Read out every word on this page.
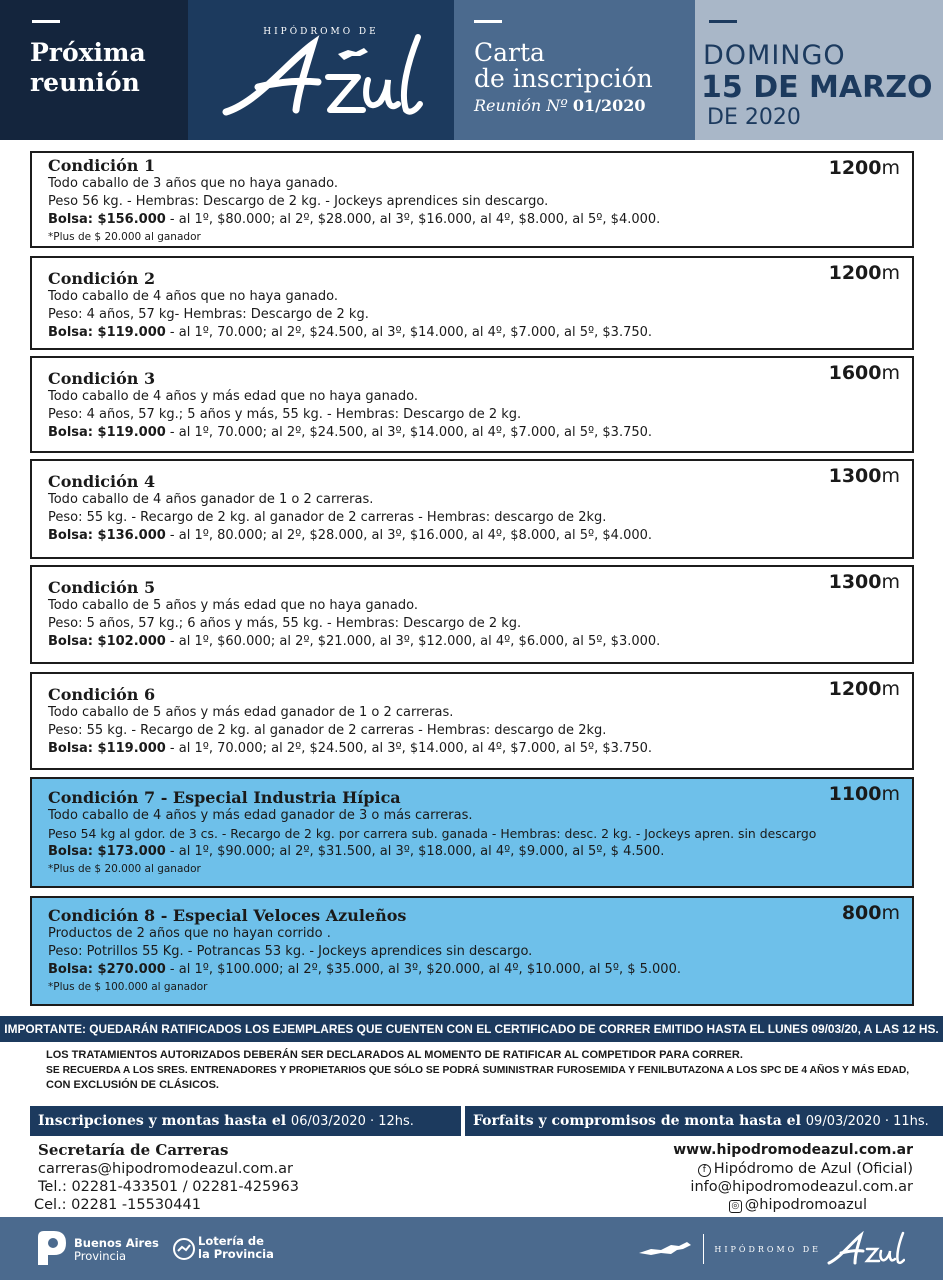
Próxima reunión
HIPÓDROMO DE
Carta
de inscripción
Reunión Nº 01/2020
DOMINGO
15 DE MARZO
DE 2020
Condición 1	1200m
Todo caballo de 3 años que no haya ganado.
Peso 56 kg. - Hembras: Descargo de 2 kg. - Jockeys aprendices sin descargo.
Bolsa: $156.000 - al 1º, $80.000; al 2º, $28.000, al 3º, $16.000, al 4º, $8.000, al 5º, $4.000.
*Plus de $ 20.000 al ganador
Condición 2	1200m
Todo caballo de 4 años que no haya ganado.
Peso: 4 años, 57 kg- Hembras: Descargo de 2 kg.
Bolsa: $119.000 - al 1º, 70.000; al 2º, $24.500, al 3º, $14.000, al 4º, $7.000, al 5º, $3.750.
Condición 3	1600m
Todo caballo de 4 años y más edad que no haya ganado.
Peso: 4 años, 57 kg.; 5 años y más, 55 kg. - Hembras: Descargo de 2 kg.
Bolsa: $119.000 - al 1º, 70.000; al 2º, $24.500, al 3º, $14.000, al 4º, $7.000, al 5º, $3.750.
Condición 4	1300m
Todo caballo de 4 años ganador de 1 o 2 carreras.
Peso: 55 kg. - Recargo de 2 kg. al ganador de 2 carreras - Hembras: descargo de 2kg.
Bolsa: $136.000 - al 1º, 80.000; al 2º, $28.000, al 3º, $16.000, al 4º, $8.000, al 5º, $4.000.
Condición 5	1300m
Todo caballo de 5 años y más edad que no haya ganado.
Peso: 5 años, 57 kg.; 6 años y más, 55 kg. - Hembras: Descargo de 2 kg.
Bolsa: $102.000 - al 1º, $60.000; al 2º, $21.000, al 3º, $12.000, al 4º, $6.000, al 5º, $3.000.
Condición 6	1200m
Todo caballo de 5 años y más edad ganador de 1 o 2 carreras.
Peso: 55 kg. - Recargo de 2 kg. al ganador de 2 carreras - Hembras: descargo de 2kg.
Bolsa: $119.000 - al 1º, 70.000; al 2º, $24.500, al 3º, $14.000, al 4º, $7.000, al 5º, $3.750.
Condición 7 - Especial Industria Hípica	1100m
Todo caballo de 4 años y más edad ganador de 3 o más carreras.
Peso 54 kg al gdor. de 3 cs. - Recargo de 2 kg. por carrera sub. ganada - Hembras: desc. 2 kg. - Jockeys apren. sin descargo
Bolsa: $173.000 - al 1º, $90.000; al 2º, $31.500, al 3º, $18.000, al 4º, $9.000, al 5º, $ 4.500.
*Plus de $ 20.000 al ganador
Condición 8 - Especial Veloces Azuleños	800m
Productos de 2 años que no hayan corrido .
Peso: Potrillos 55 Kg. - Potrancas 53 kg. - Jockeys aprendices sin descargo.
Bolsa: $270.000 - al 1º, $100.000; al 2º, $35.000, al 3º, $20.000, al 4º, $10.000, al 5º, $ 5.000.
*Plus de $ 100.000 al ganador
IMPORTANTE: QUEDARÁN RATIFICADOS LOS EJEMPLARES QUE CUENTEN CON EL CERTIFICADO DE CORRER EMITIDO HASTA EL LUNES 09/03/20, A LAS 12 HS.
LOS TRATAMIENTOS AUTORIZADOS DEBERÁN SER DECLARADOS AL MOMENTO DE RATIFICAR AL COMPETIDOR PARA CORRER.
SE RECUERDA A LOS SRES. ENTRENADORES Y PROPIETARIOS QUE SÓLO SE PODRÁ SUMINISTRAR FUROSEMIDA Y FENILBUTAZONA A LOS SPC DE 4 AÑOS Y MÁS EDAD,
CON EXCLUSIÓN DE CLÁSICOS.
Inscripciones y montas hasta el 06/03/2020 · 12hs.	Forfaits y compromisos de monta hasta el 09/03/2020 · 11hs.
Secretaría de Carreras
carreras@hipodromodeazul.com.ar
Tel.: 02281-433501 / 02281-425963
Cel.: 02281 -15530441
www.hipodromodeazul.com.ar
f Hipódromo de Azul (Oficial)
info@hipodromodeazul.com.ar
◎ @hipodromoazul
Buenos Aires
Provincia
Lotería de
la Provincia	HIPÓDROMO DE
